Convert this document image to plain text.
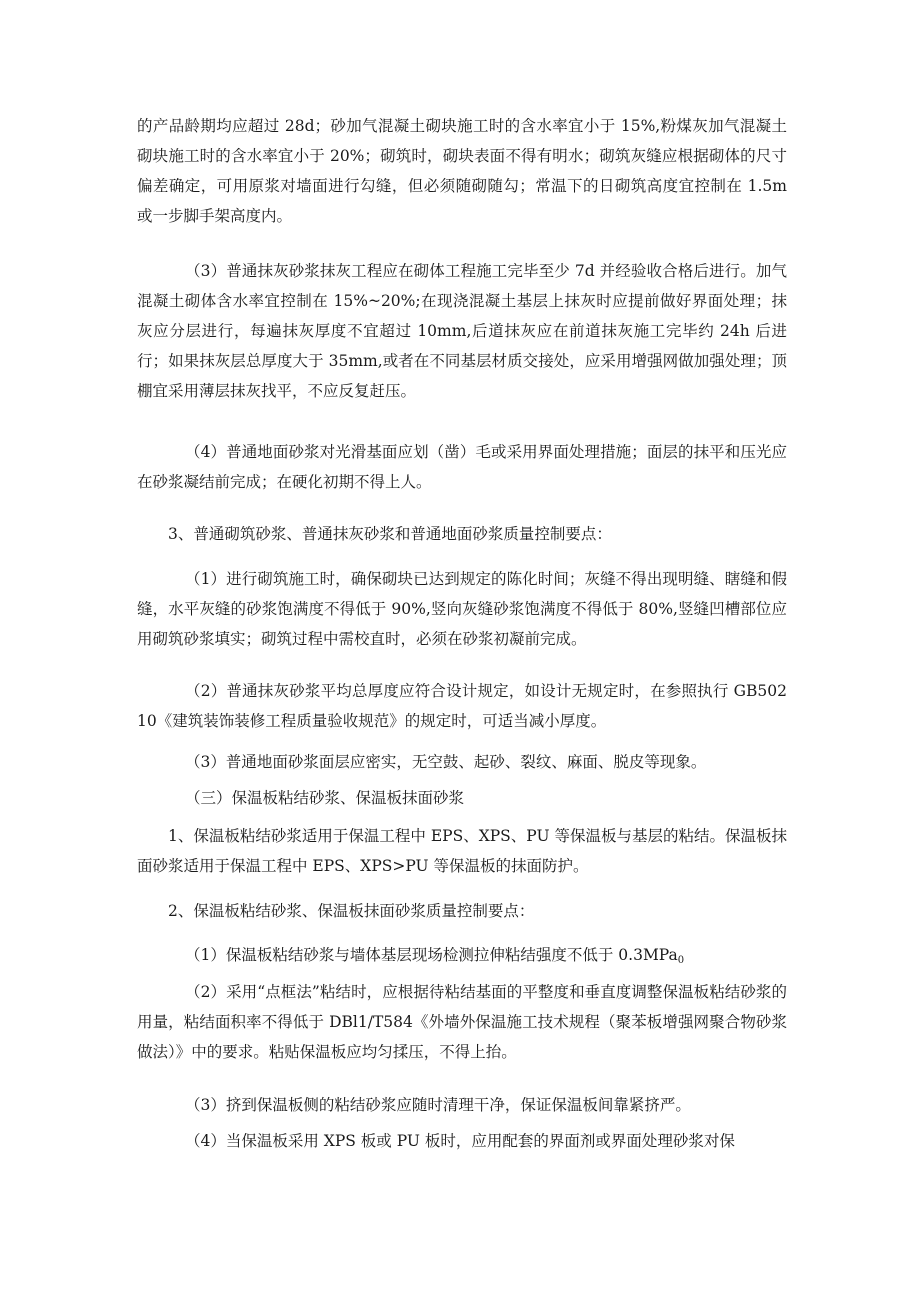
的产品龄期均应超过 28d；砂加气混凝土砌块施工时的含水率宜小于 15%,粉煤灰加气混凝土砌块施工时的含水率宜小于 20%；砌筑时，砌块表面不得有明水；砌筑灰缝应根据砌体的尺寸偏差确定，可用原浆对墙面进行勾缝，但必须随砌随勾；常温下的日砌筑高度宜控制在 1.5m 或一步脚手架高度内。

（3）普通抹灰砂浆抹灰工程应在砌体工程施工完毕至少 7d 并经验收合格后进行。加气混凝土砌体含水率宜控制在 15%~20%;在现浇混凝土基层上抹灰时应提前做好界面处理；抹灰应分层进行，每遍抹灰厚度不宜超过 10mm,后道抹灰应在前道抹灰施工完毕约 24h 后进行；如果抹灰层总厚度大于 35mm,或者在不同基层材质交接处，应采用增强网做加强处理；顶棚宜采用薄层抹灰找平，不应反复赶压。

（4）普通地面砂浆对光滑基面应划（凿）毛或采用界面处理措施；面层的抹平和压光应在砂浆凝结前完成；在硬化初期不得上人。

3、普通砌筑砂浆、普通抹灰砂浆和普通地面砂浆质量控制要点：

（1）进行砌筑施工时，确保砌块已达到规定的陈化时间；灰缝不得出现明缝、瞎缝和假缝，水平灰缝的砂浆饱满度不得低于 90%,竖向灰缝砂浆饱满度不得低于 80%,竖缝凹槽部位应用砌筑砂浆填实；砌筑过程中需校直时，必须在砂浆初凝前完成。

（2）普通抹灰砂浆平均总厚度应符合设计规定，如设计无规定时，在参照执行 GB50210《建筑装饰装修工程质量验收规范》的规定时，可适当减小厚度。

（3）普通地面砂浆面层应密实，无空鼓、起砂、裂纹、麻面、脱皮等现象。

（三）保温板粘结砂浆、保温板抹面砂浆

1、保温板粘结砂浆适用于保温工程中 EPS、XPS、PU 等保温板与基层的粘结。保温板抹面砂浆适用于保温工程中 EPS、XPS>PU 等保温板的抹面防护。

2、保温板粘结砂浆、保温板抹面砂浆质量控制要点：

（1）保温板粘结砂浆与墙体基层现场检测拉伸粘结强度不低于 0.3MPa$_0$

（2）采用“点框法”粘结时，应根据待粘结基面的平整度和垂直度调整保温板粘结砂浆的用量，粘结面积率不得低于 DBl1/T584《外墙外保温施工技术规程（聚苯板增强网聚合物砂浆做法）》中的要求。粘贴保温板应均匀揉压，不得上抬。

（3）挤到保温板侧的粘结砂浆应随时清理干净，保证保温板间靠紧挤严。

（4）当保温板采用 XPS 板或 PU 板时，应用配套的界面剂或界面处理砂浆对保
